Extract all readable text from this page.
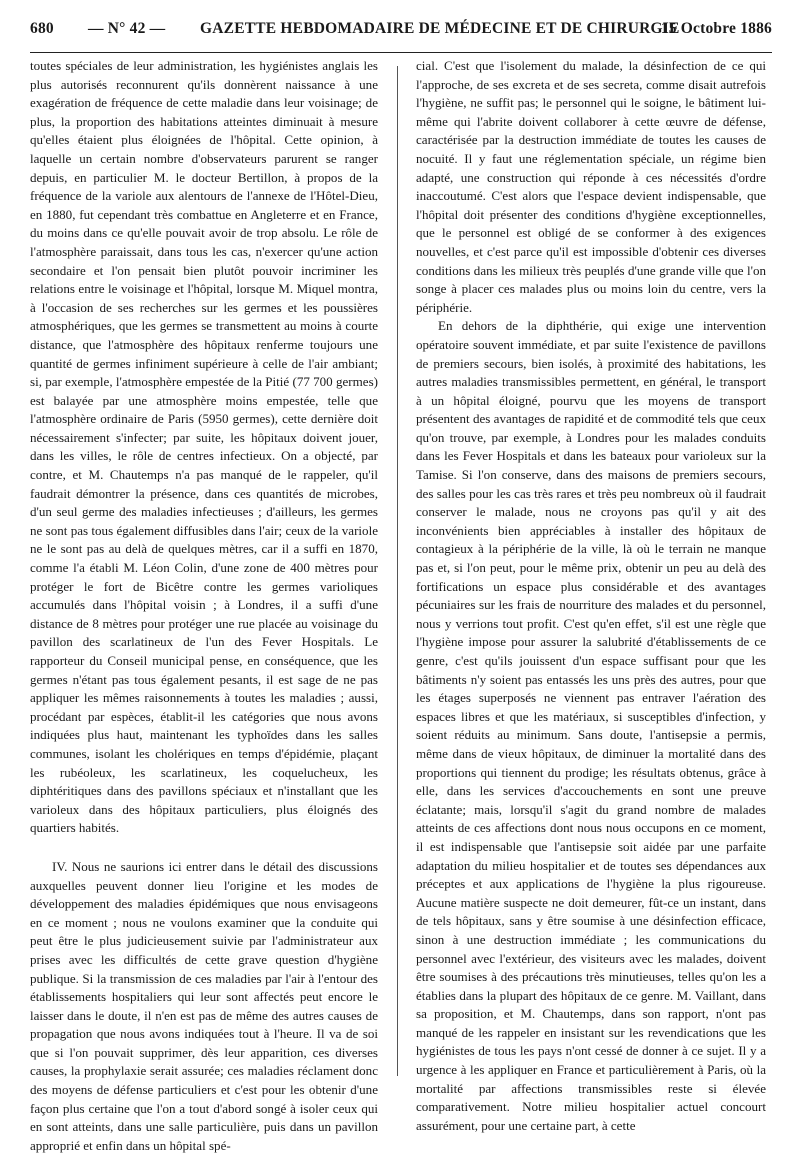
680 — N° 42 — GAZETTE HEBDOMADAIRE DE MÉDECINE ET DE CHIRURGIE
15 Octobre 1886

toutes spéciales de leur administration, les hygiénistes anglais les plus autorisés reconnurent qu'ils donnèrent naissance à une exagération de fréquence de cette maladie dans leur voisinage; de plus, la proportion des habitations atteintes diminuait à mesure qu'elles étaient plus éloignées de l'hôpital. Cette opinion, à laquelle un certain nombre d'observateurs parurent se ranger depuis, en particulier M. le docteur Bertillon, à propos de la fréquence de la variole aux alentours de l'annexe de l'Hôtel-Dieu, en 1880, fut cependant très combattue en Angleterre et en France, du moins dans ce qu'elle pouvait avoir de trop absolu. Le rôle de l'atmosphère paraissait, dans tous les cas, n'exercer qu'une action secondaire et l'on pensait bien plutôt pouvoir incriminer les relations entre le voisinage et l'hôpital, lorsque M. Miquel montra, à l'occasion de ses recherches sur les germes et les poussières atmosphériques, que les germes se transmettent au moins à courte distance, que l'atmosphère des hôpitaux renferme toujours une quantité de germes infiniment supérieure à celle de l'air ambiant; si, par exemple, l'atmosphère empestée de la Pitié (77 700 germes) est balayée par une atmosphère moins empestée, telle que l'atmosphère ordinaire de Paris (5950 germes), cette dernière doit nécessairement s'infecter; par suite, les hôpitaux doivent jouer, dans les villes, le rôle de centres infectieux. On a objecté, par contre, et M. Chautemps n'a pas manqué de le rappeler, qu'il faudrait démontrer la présence, dans ces quantités de microbes, d'un seul germe des maladies infectieuses ; d'ailleurs, les germes ne sont pas tous également diffusibles dans l'air; ceux de la variole ne le sont pas au delà de quelques mètres, car il a suffi en 1870, comme l'a établi M. Léon Colin, d'une zone de 400 mètres pour protéger le fort de Bicêtre contre les germes varioliques accumulés dans l'hôpital voisin ; à Londres, il a suffi d'une distance de 8 mètres pour protéger une rue placée au voisinage du pavillon des scarlatineux de l'un des Fever Hospitals. Le rapporteur du Conseil municipal pense, en conséquence, que les germes n'étant pas tous également pesants, il est sage de ne pas appliquer les mêmes raisonnements à toutes les maladies ; aussi, procédant par espèces, établit-il les catégories que nous avons indiquées plus haut, maintenant les typhoïdes dans les salles communes, isolant les cholériques en temps d'épidémie, plaçant les rubéoleux, les scarlatineux, les coquelucheux, les diphtéritiques dans des pavillons spéciaux et n'installant que les varioleux dans des hôpitaux particuliers, plus éloignés des quartiers habités.

IV. Nous ne saurions ici entrer dans le détail des discussions auxquelles peuvent donner lieu l'origine et les modes de développement des maladies épidémiques que nous envisageons en ce moment ; nous ne voulons examiner que la conduite qui peut être le plus judicieusement suivie par l'administrateur aux prises avec les difficultés de cette grave question d'hygiène publique. Si la transmission de ces maladies par l'air à l'entour des établissements hospitaliers qui leur sont affectés peut encore le laisser dans le doute, il n'en est pas de même des autres causes de propagation que nous avons indiquées tout à l'heure. Il va de soi que si l'on pouvait supprimer, dès leur apparition, ces diverses causes, la prophylaxie serait assurée; ces maladies réclament donc des moyens de défense particuliers et c'est pour les obtenir d'une façon plus certaine que l'on a tout d'abord songé à isoler ceux qui en sont atteints, dans une salle particulière, puis dans un pavillon approprié et enfin dans un hôpital spé-

cial. C'est que l'isolement du malade, la désinfection de ce qui l'approche, de ses excreta et de ses secreta, comme disait autrefois l'hygiène, ne suffit pas; le personnel qui le soigne, le bâtiment lui-même qui l'abrite doivent collaborer à cette œuvre de défense, caractérisée par la destruction immédiate de toutes les causes de nocuité. Il y faut une réglementation spéciale, un régime bien adapté, une construction qui réponde à ces nécessités d'ordre inaccoutumé. C'est alors que l'espace devient indispensable, que l'hôpital doit présenter des conditions d'hygiène exceptionnelles, que le personnel est obligé de se conformer à des exigences nouvelles, et c'est parce qu'il est impossible d'obtenir ces diverses conditions dans les milieux très peuplés d'une grande ville que l'on songe à placer ces malades plus ou moins loin du centre, vers la périphérie.

En dehors de la diphthérie, qui exige une intervention opératoire souvent immédiate, et par suite l'existence de pavillons de premiers secours, bien isolés, à proximité des habitations, les autres maladies transmissibles permettent, en général, le transport à un hôpital éloigné, pourvu que les moyens de transport présentent des avantages de rapidité et de commodité tels que ceux qu'on trouve, par exemple, à Londres pour les malades conduits dans les Fever Hospitals et dans les bateaux pour varioleux sur la Tamise. Si l'on conserve, dans des maisons de premiers secours, des salles pour les cas très rares et très peu nombreux où il faudrait conserver le malade, nous ne croyons pas qu'il y ait des inconvénients bien appréciables à installer des hôpitaux de contagieux à la périphérie de la ville, là où le terrain ne manque pas et, si l'on peut, pour le même prix, obtenir un peu au delà des fortifications un espace plus considérable et des avantages pécuniaires sur les frais de nourriture des malades et du personnel, nous y verrions tout profit. C'est qu'en effet, s'il est une règle que l'hygiène impose pour assurer la salubrité d'établissements de ce genre, c'est qu'ils jouissent d'un espace suffisant pour que les bâtiments n'y soient pas entassés les uns près des autres, pour que les étages superposés ne viennent pas entraver l'aération des espaces libres et que les matériaux, si susceptibles d'infection, y soient réduits au minimum. Sans doute, l'antisepsie a permis, même dans de vieux hôpitaux, de diminuer la mortalité dans des proportions qui tiennent du prodige; les résultats obtenus, grâce à elle, dans les services d'accouchements en sont une preuve éclatante; mais, lorsqu'il s'agit du grand nombre de malades atteints de ces affections dont nous nous occupons en ce moment, il est indispensable que l'antisepsie soit aidée par une parfaite adaptation du milieu hospitalier et de toutes ses dépendances aux préceptes et aux applications de l'hygiène la plus rigoureuse. Aucune matière suspecte ne doit demeurer, fût-ce un instant, dans de tels hôpitaux, sans y être soumise à une désinfection efficace, sinon à une destruction immédiate ; les communications du personnel avec l'extérieur, des visiteurs avec les malades, doivent être soumises à des précautions très minutieuses, telles qu'on les a établies dans la plupart des hôpitaux de ce genre. M. Vaillant, dans sa proposition, et M. Chautemps, dans son rapport, n'ont pas manqué de les rappeler en insistant sur les revendications que les hygiénistes de tous les pays n'ont cessé de donner à ce sujet. Il y a urgence à les appliquer en France et particulièrement à Paris, où la mortalité par affections transmissibles reste si élevée comparativement. Notre milieu hospitalier actuel concourt assurément, pour une certaine part, à cette
